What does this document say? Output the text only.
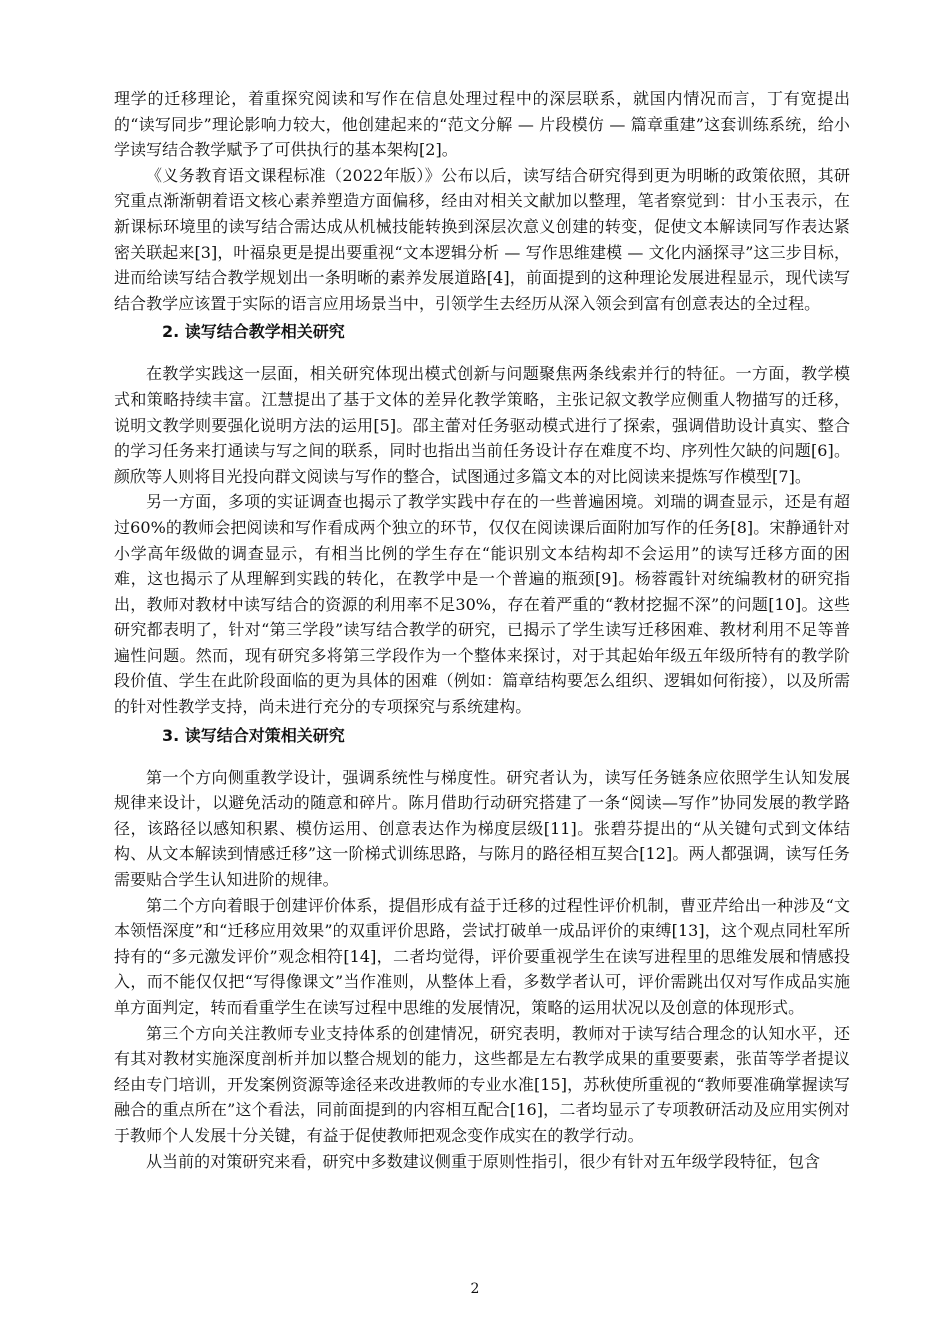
理学的迁移理论，着重探究阅读和写作在信息处理过程中的深层联系，就国内情况而言，丁有宽提出的“读写同步”理论影响力较大，他创建起来的“范文分解 — 片段模仿 — 篇章重建”这套训练系统，给小学读写结合教学赋予了可供执行的基本架构[2]。

《义务教育语文课程标准（2022年版）》公布以后，读写结合研究得到更为明晰的政策依照，其研究重点渐渐朝着语文核心素养塑造方面偏移，经由对相关文献加以整理，笔者察觉到：甘小玉表示，在新课标环境里的读写结合需达成从机械技能转换到深层次意义创建的转变，促使文本解读同写作表达紧密关联起来[3]，叶福泉更是提出要重视“文本逻辑分析 — 写作思维建模 — 文化内涵探寻”这三步目标，进而给读写结合教学规划出一条明晰的素养发展道路[4]，前面提到的这种理论发展进程显示，现代读写结合教学应该置于实际的语言应用场景当中，引领学生去经历从深入领会到富有创意表达的全过程。

2. 读写结合教学相关研究

在教学实践这一层面，相关研究体现出模式创新与问题聚焦两条线索并行的特征。一方面，教学模式和策略持续丰富。江慧提出了基于文体的差异化教学策略，主张记叙文教学应侧重人物描写的迁移，说明文教学则要强化说明方法的运用[5]。邵主蕾对任务驱动模式进行了探索，强调借助设计真实、整合的学习任务来打通读与写之间的联系，同时也指出当前任务设计存在难度不均、序列性欠缺的问题[6]。颜欣等人则将目光投向群文阅读与写作的整合，试图通过多篇文本的对比阅读来提炼写作模型[7]。

另一方面，多项的实证调查也揭示了教学实践中存在的一些普遍困境。刘瑞的调查显示，还是有超过60%的教师会把阅读和写作看成两个独立的环节，仅仅在阅读课后面附加写作的任务[8]。宋静通针对小学高年级做的调查显示，有相当比例的学生存在“能识别文本结构却不会运用”的读写迁移方面的困难，这也揭示了从理解到实践的转化，在教学中是一个普遍的瓶颈[9]。杨蓉霞针对统编教材的研究指出，教师对教材中读写结合的资源的利用率不足30%，存在着严重的“教材挖掘不深”的问题[10]。这些研究都表明了，针对“第三学段”读写结合教学的研究，已揭示了学生读写迁移困难、教材利用不足等普遍性问题。然而，现有研究多将第三学段作为一个整体来探讨，对于其起始年级五年级所特有的教学阶段价值、学生在此阶段面临的更为具体的困难（例如：篇章结构要怎么组织、逻辑如何衔接），以及所需的针对性教学支持，尚未进行充分的专项探究与系统建构。

3. 读写结合对策相关研究

第一个方向侧重教学设计，强调系统性与梯度性。研究者认为，读写任务链条应依照学生认知发展规律来设计，以避免活动的随意和碎片。陈月借助行动研究搭建了一条“阅读—写作”协同发展的教学路径，该路径以感知积累、模仿运用、创意表达作为梯度层级[11]。张碧芬提出的“从关键句式到文体结构、从文本解读到情感迁移”这一阶梯式训练思路，与陈月的路径相互契合[12]。两人都强调，读写任务需要贴合学生认知进阶的规律。

第二个方向着眼于创建评价体系，提倡形成有益于迁移的过程性评价机制，曹亚芹给出一种涉及“文本领悟深度”和“迁移应用效果”的双重评价思路，尝试打破单一成品评价的束缚[13]，这个观点同杜军所持有的“多元激发评价”观念相符[14]，二者均觉得，评价要重视学生在读写进程里的思维发展和情感投入，而不能仅仅把“写得像课文”当作准则，从整体上看，多数学者认可，评价需跳出仅对写作成品实施单方面判定，转而看重学生在读写过程中思维的发展情况，策略的运用状况以及创意的体现形式。

第三个方向关注教师专业支持体系的创建情况，研究表明，教师对于读写结合理念的认知水平，还有其对教材实施深度剖析并加以整合规划的能力，这些都是左右教学成果的重要要素，张苗等学者提议经由专门培训，开发案例资源等途径来改进教师的专业水准[15]，苏秋使所重视的“教师要准确掌握读写融合的重点所在”这个看法，同前面提到的内容相互配合[16]，二者均显示了专项教研活动及应用实例对于教师个人发展十分关键，有益于促使教师把观念变作成实在的教学行动。

从当前的对策研究来看，研究中多数建议侧重于原则性指引，很少有针对五年级学段特征，包含

2
